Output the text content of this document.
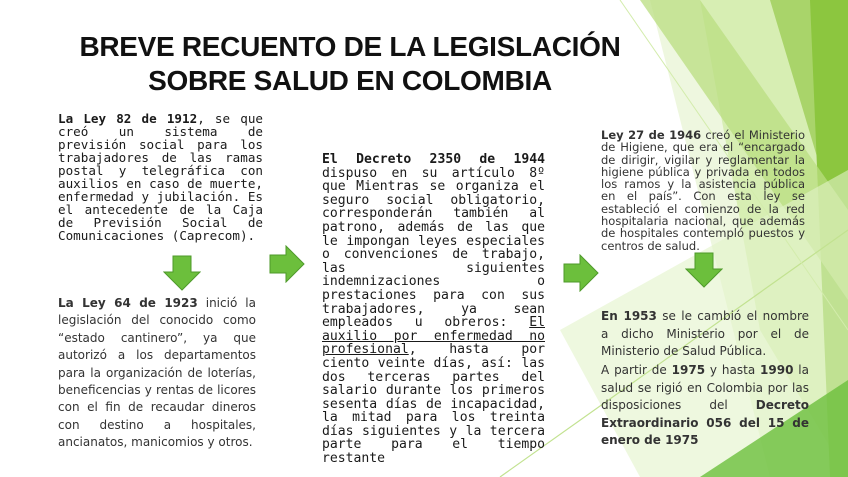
BREVE RECUENTO DE LA LEGISLACIÓN
SOBRE SALUD EN COLOMBIA
La Ley 82 de 1912, se que creó un sistema de previsión social para los trabajadores de las ramas postal y telegráfica con auxilios en caso de muerte, enfermedad y jubilación. Es el antecedente de la Caja de Previsión Social de Comunicaciones (Caprecom).
La Ley 64 de 1923 inició la legislación del conocido como “estado cantinero”, ya que autorizó a los departamentos para la organización de loterías, beneficencias y rentas de licores con el fin de recaudar dineros con destino a hospitales, ancianatos, manicomios y otros.
El Decreto 2350 de 1944 dispuso en su artículo 8º que Mientras se organiza el seguro social obligatorio, corresponderán también al patrono, además de las que le impongan leyes especiales o convenciones de trabajo, las siguientes indemnizaciones o prestaciones para con sus trabajadores, ya sean empleados u obreros: El auxilio por enfermedad no profesional, hasta por ciento veinte días, así: las dos terceras partes del salario durante los primeros sesenta días de incapacidad, la mitad para los treinta días siguientes y la tercera parte para el tiempo restante
Ley 27 de 1946 creó el Ministerio de Higiene, que era el “encargado de dirigir, vigilar y reglamentar la higiene pública y privada en todos los ramos y la asistencia pública en el país”. Con esta ley se estableció el comienzo de la red hospitalaria nacional, que además de hospitales contempló puestos y centros de salud.
En 1953 se le cambió el nombre a dicho Ministerio por el de Ministerio de Salud Pública.
A partir de 1975 y hasta 1990 la salud se rigió en Colombia por las disposiciones del Decreto Extraordinario 056 del 15 de enero de 1975
